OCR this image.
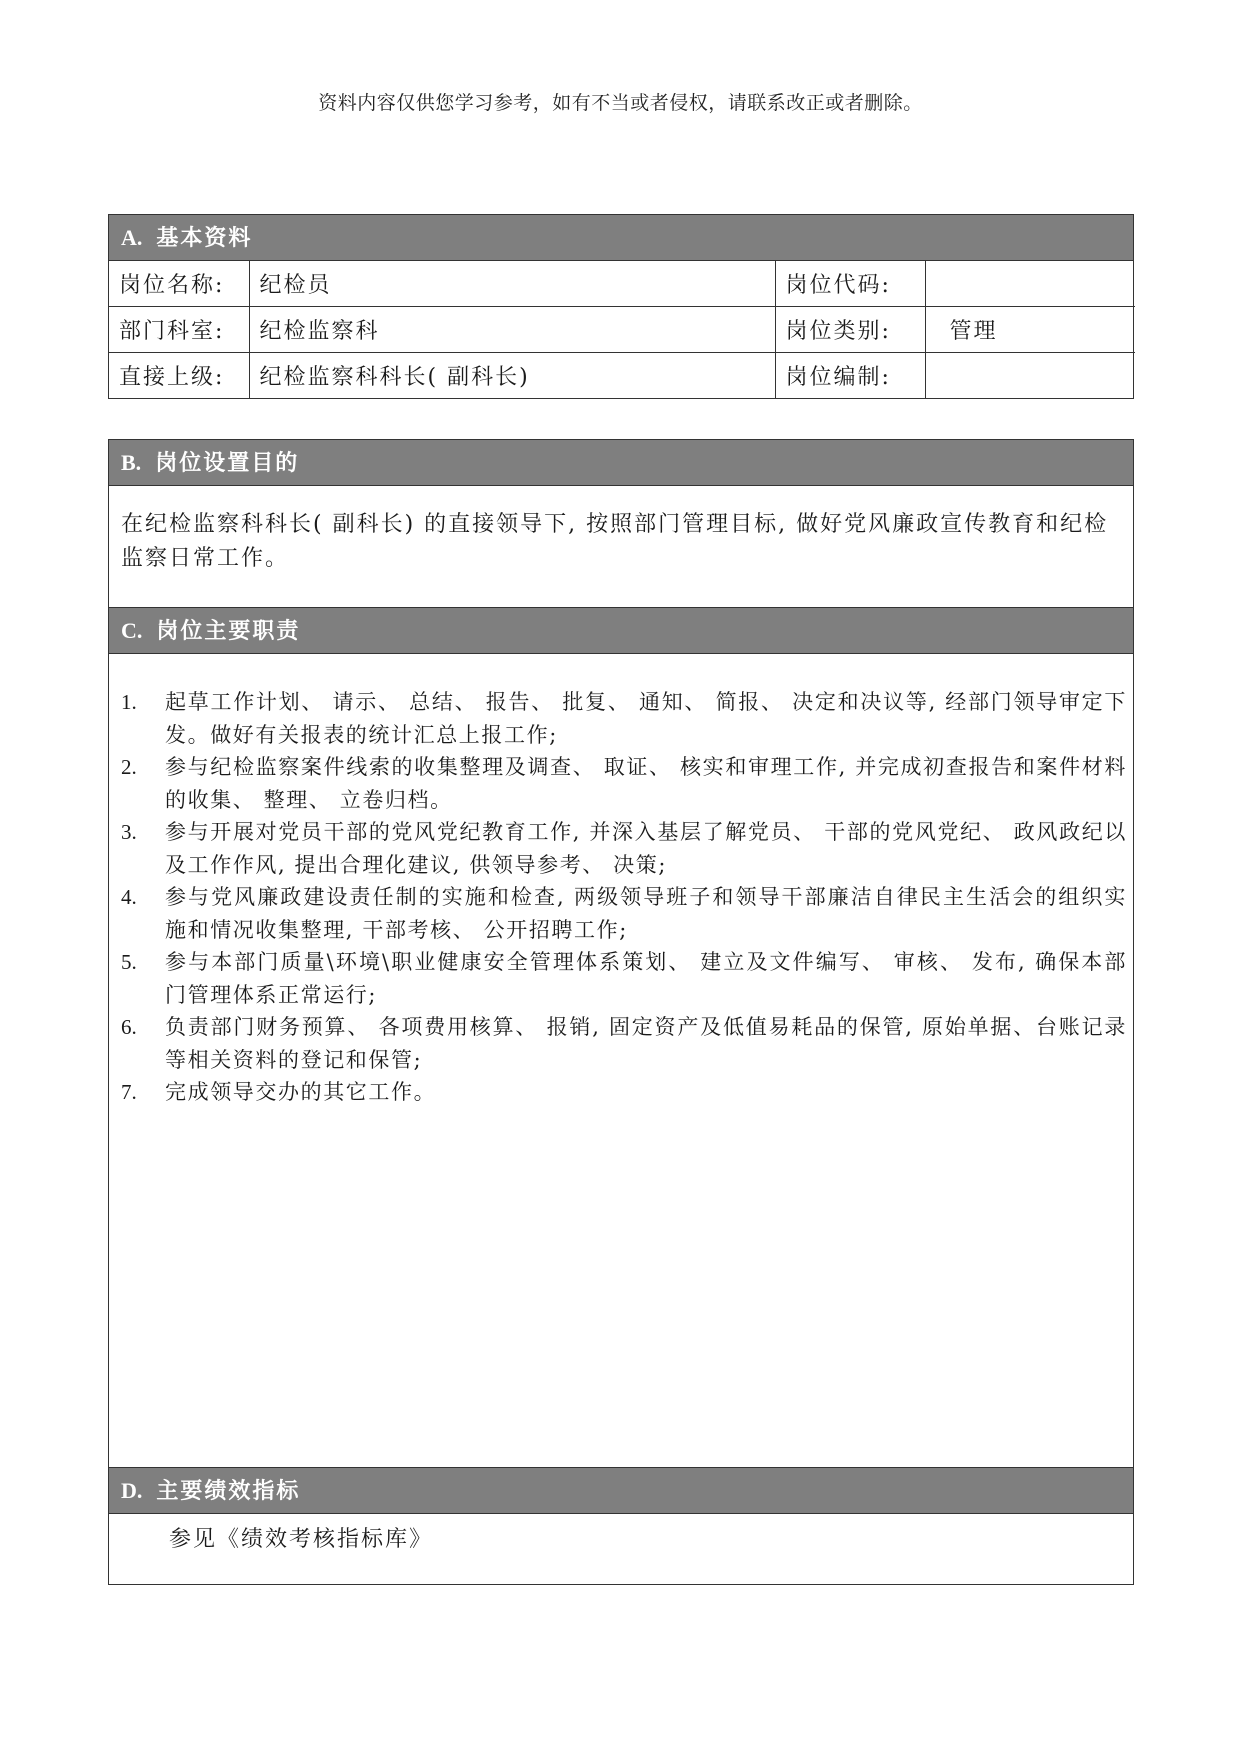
资料内容仅供您学习参考，如有不当或者侵权，请联系改正或者删除。
A. 基本资料
岗位名称:	纪检员	岗位代码:	
部门科室:	纪检监察科	岗位类别:	管理
直接上级:	纪检监察科科长( 副科长)	岗位编制:	
B. 岗位设置目的
在纪检监察科科长( 副科长) 的直接领导下, 按照部门管理目标, 做好党风廉政宣传教育和纪检监察日常工作。
C. 岗位主要职责
1.	起草工作计划、 请示、 总结、 报告、 批复、 通知、 简报、 决定和决议等, 经部门领导审定下发。做好有关报表的统计汇总上报工作;
2.	参与纪检监察案件线索的收集整理及调查、 取证、 核实和审理工作, 并完成初查报告和案件材料的收集、 整理、 立卷归档。
3.	参与开展对党员干部的党风党纪教育工作, 并深入基层了解党员、 干部的党风党纪、 政风政纪以及工作作风, 提出合理化建议, 供领导参考、 决策;
4.	参与党风廉政建设责任制的实施和检查, 两级领导班子和领导干部廉洁自律民主生活会的组织实施和情况收集整理, 干部考核、 公开招聘工作;
5.	参与本部门质量\环境\职业健康安全管理体系策划、 建立及文件编写、 审核、 发布, 确保本部门管理体系正常运行;
6.	负责部门财务预算、 各项费用核算、 报销, 固定资产及低值易耗品的保管, 原始单据、台账记录等相关资料的登记和保管;
7.	完成领导交办的其它工作。
D. 主要绩效指标
参见《绩效考核指标库》
